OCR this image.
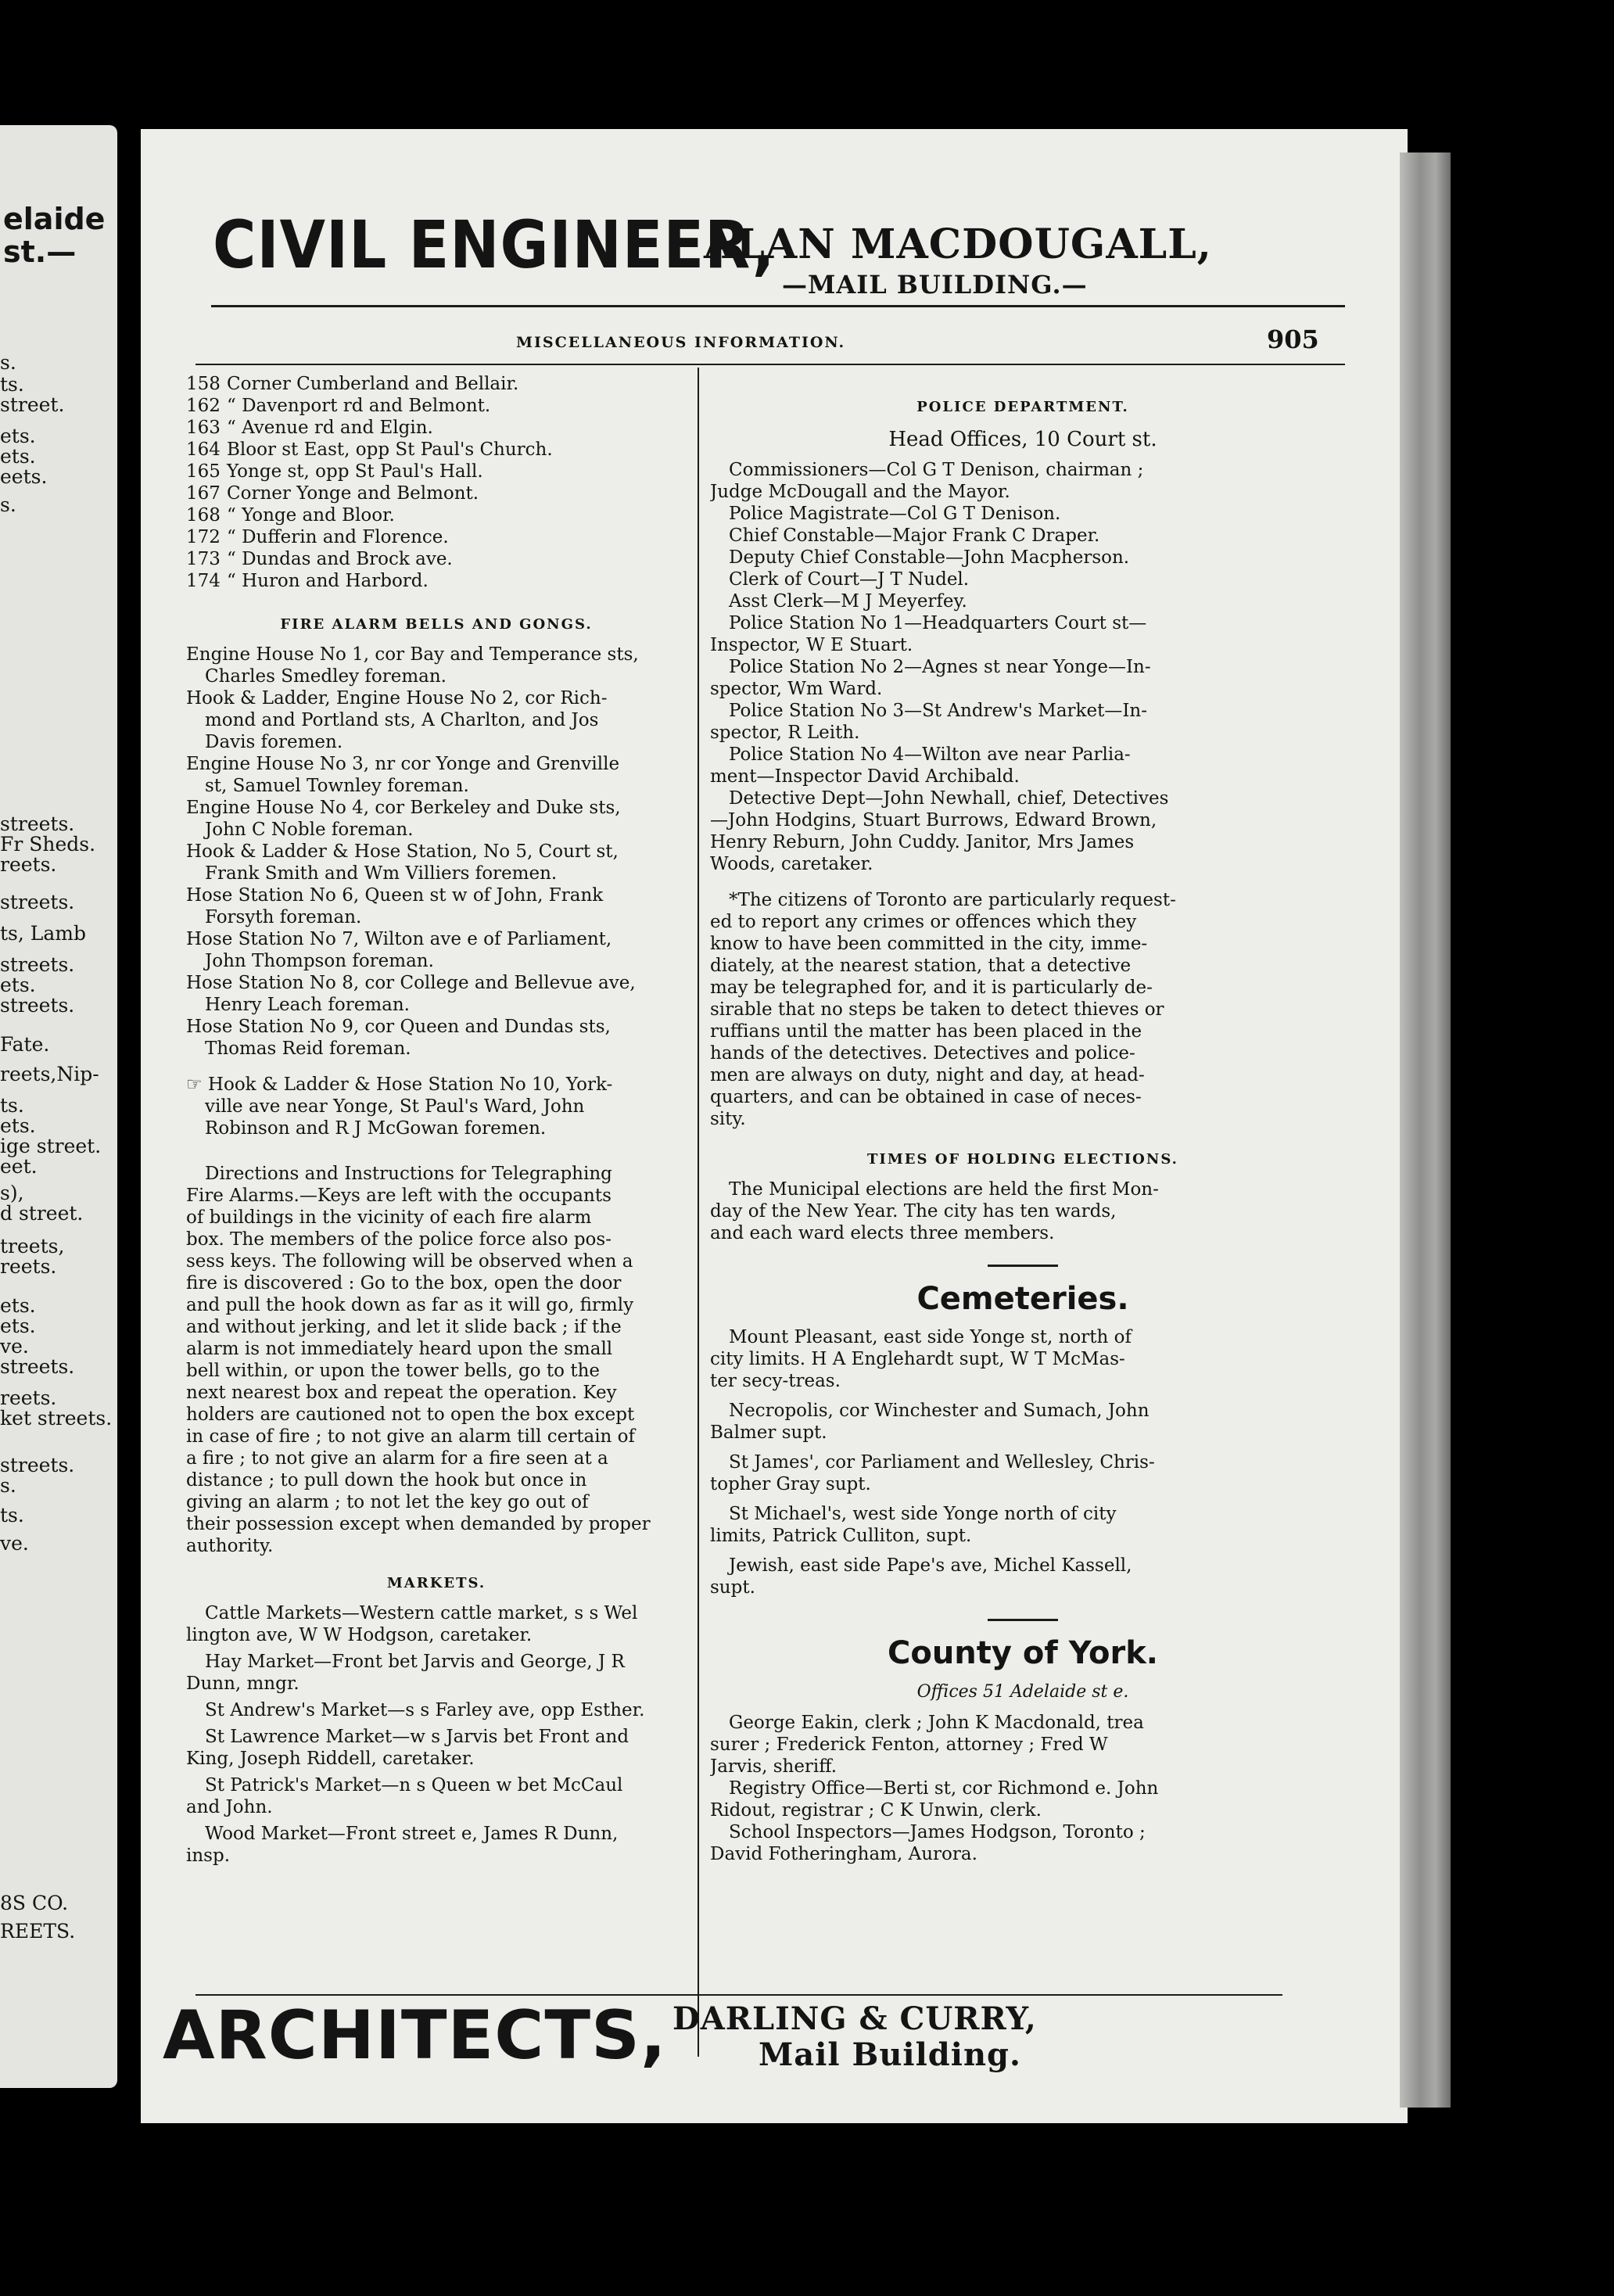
elaide
st.—
s.
ts.
street.
ets.
ets.
eets.
s.
streets.
Fr Sheds.
reets.
streets.
ts, Lamb
streets.
ets.
streets.
Fate.
reets,Nip-
ts.
ets.
ige street.
eet.
s),
d street.
treets,
reets.
ets.
ets.
ve.
streets.
reets.
ket streets.
streets.
s.
ts.
ve.
8S CO.
REETS.
CIVIL ENGINEER,
ALAN MACDOUGALL,
—MAIL BUILDING.—
MISCELLANEOUS INFORMATION.	905
158 Corner Cumberland and Bellair.
162 “ Davenport rd and Belmont.
163 “ Avenue rd and Elgin.
164 Bloor st East, opp St Paul's Church.
165 Yonge st, opp St Paul's Hall.
167 Corner Yonge and Belmont.
168 “ Yonge and Bloor.
172 “ Dufferin and Florence.
173 “ Dundas and Brock ave.
174 “ Huron and Harbord.
FIRE ALARM BELLS AND GONGS.
Engine House No 1, cor Bay and Temperance sts,
Charles Smedley foreman.
Hook & Ladder, Engine House No 2, cor Rich-
mond and Portland sts, A Charlton, and Jos
Davis foremen.
Engine House No 3, nr cor Yonge and Grenville
st, Samuel Townley foreman.
Engine House No 4, cor Berkeley and Duke sts,
John C Noble foreman.
Hook & Ladder & Hose Station, No 5, Court st,
Frank Smith and Wm Villiers foremen.
Hose Station No 6, Queen st w of John, Frank
Forsyth foreman.
Hose Station No 7, Wilton ave e of Parliament,
John Thompson foreman.
Hose Station No 8, cor College and Bellevue ave,
Henry Leach foreman.
Hose Station No 9, cor Queen and Dundas sts,
Thomas Reid foreman.
☞ Hook & Ladder & Hose Station No 10, York-
ville ave near Yonge, St Paul's Ward, John
Robinson and R J McGowan foremen.
Directions and Instructions for Telegraphing
Fire Alarms.—Keys are left with the occupants
of buildings in the vicinity of each fire alarm
box. The members of the police force also pos-
sess keys. The following will be observed when a
fire is discovered : Go to the box, open the door
and pull the hook down as far as it will go, firmly
and without jerking, and let it slide back ; if the
alarm is not immediately heard upon the small
bell within, or upon the tower bells, go to the
next nearest box and repeat the operation. Key
holders are cautioned not to open the box except
in case of fire ; to not give an alarm till certain of
a fire ; to not give an alarm for a fire seen at a
distance ; to pull down the hook but once in
giving an alarm ; to not let the key go out of
their possession except when demanded by proper
authority.
MARKETS.
Cattle Markets—Western cattle market, s s Wel
lington ave, W W Hodgson, caretaker.
Hay Market—Front bet Jarvis and George, J R
Dunn, mngr.
St Andrew's Market—s s Farley ave, opp Esther.
St Lawrence Market—w s Jarvis bet Front and
King, Joseph Riddell, caretaker.
St Patrick's Market—n s Queen w bet McCaul
and John.
Wood Market—Front street e, James R Dunn,
insp.
POLICE DEPARTMENT.
Head Offices, 10 Court st.
Commissioners—Col G T Denison, chairman ;
Judge McDougall and the Mayor.
Police Magistrate—Col G T Denison.
Chief Constable—Major Frank C Draper.
Deputy Chief Constable—John Macpherson.
Clerk of Court—J T Nudel.
Asst Clerk—M J Meyerfey.
Police Station No 1—Headquarters Court st—
Inspector, W E Stuart.
Police Station No 2—Agnes st near Yonge—In-
spector, Wm Ward.
Police Station No 3—St Andrew's Market—In-
spector, R Leith.
Police Station No 4—Wilton ave near Parlia-
ment—Inspector David Archibald.
Detective Dept—John Newhall, chief, Detectives
—John Hodgins, Stuart Burrows, Edward Brown,
Henry Reburn, John Cuddy. Janitor, Mrs James
Woods, caretaker.
*The citizens of Toronto are particularly request-
ed to report any crimes or offences which they
know to have been committed in the city, imme-
diately, at the nearest station, that a detective
may be telegraphed for, and it is particularly de-
sirable that no steps be taken to detect thieves or
ruffians until the matter has been placed in the
hands of the detectives. Detectives and police-
men are always on duty, night and day, at head-
quarters, and can be obtained in case of neces-
sity.
TIMES OF HOLDING ELECTIONS.
The Municipal elections are held the first Mon-
day of the New Year. The city has ten wards,
and each ward elects three members.
Cemeteries.
Mount Pleasant, east side Yonge st, north of
city limits. H A Englehardt supt, W T McMas-
ter secy-treas.
Necropolis, cor Winchester and Sumach, John
Balmer supt.
St James', cor Parliament and Wellesley, Chris-
topher Gray supt.
St Michael's, west side Yonge north of city
limits, Patrick Culliton, supt.
Jewish, east side Pape's ave, Michel Kassell,
supt.
County of York.
Offices 51 Adelaide st e.
George Eakin, clerk ; John K Macdonald, trea
surer ; Frederick Fenton, attorney ; Fred W
Jarvis, sheriff.
Registry Office—Berti st, cor Richmond e. John
Ridout, registrar ; C K Unwin, clerk.
School Inspectors—James Hodgson, Toronto ;
David Fotheringham, Aurora.
ARCHITECTS, DARLING & CURRY,
Mail Building.
